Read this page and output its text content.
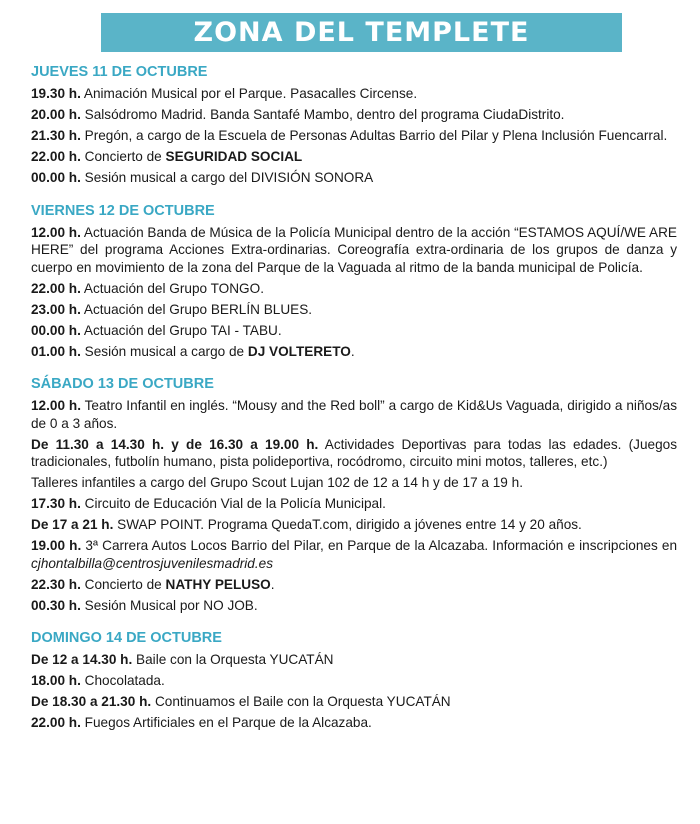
ZONA DEL TEMPLETE
JUEVES 11 DE OCTUBRE
19.30 h. Animación Musical por el Parque. Pasacalles Circense.
20.00 h. Salsódromo Madrid. Banda Santafé Mambo, dentro del programa CiudaDistrito.
21.30 h. Pregón, a cargo de la Escuela de Personas Adultas Barrio del Pilar y Plena Inclusión Fuencarral.
22.00 h. Concierto de SEGURIDAD SOCIAL
00.00 h. Sesión musical a cargo del DIVISIÓN SONORA
VIERNES 12 DE OCTUBRE
12.00 h. Actuación Banda de Música de la Policía Municipal dentro de la acción “ESTAMOS AQUÍ/WE ARE HERE” del programa Acciones Extra-ordinarias. Coreografía extra-ordinaria de los grupos de danza y cuerpo en movimiento de la zona del Parque de la Vaguada al ritmo de la banda municipal de Policía.
22.00 h. Actuación del Grupo TONGO.
23.00 h. Actuación del Grupo BERLÍN BLUES.
00.00 h. Actuación del Grupo TAI - TABU.
01.00 h. Sesión musical a cargo de DJ VOLTERETO.
SÁBADO 13 DE OCTUBRE
12.00 h. Teatro Infantil en inglés. “Mousy and the Red boll” a cargo de Kid&Us Vaguada, dirigido a niños/as de 0 a 3 años.
De 11.30 a 14.30 h. y de 16.30 a 19.00 h. Actividades Deportivas para todas las edades. (Juegos tradicionales, futbolín humano, pista polideportiva, rocódromo, circuito mini motos, talleres, etc.)
Talleres infantiles a cargo del Grupo Scout Lujan 102 de 12 a 14 h y de 17 a 19 h.
17.30 h. Circuito de Educación Vial de la Policía Municipal.
De 17 a 21 h. SWAP POINT. Programa QuedaT.com, dirigido a jóvenes entre 14 y 20 años.
19.00 h. 3ª Carrera Autos Locos Barrio del Pilar, en Parque de la Alcazaba. Información e inscripciones en cjhontalbilla@centrosjuvenilesmadrid.es
22.30 h. Concierto de NATHY PELUSO.
00.30 h. Sesión Musical por NO JOB.
DOMINGO 14 DE OCTUBRE
De 12 a 14.30 h. Baile con la Orquesta YUCATÁN
18.00 h. Chocolatada.
De 18.30 a 21.30 h. Continuamos el Baile con la Orquesta YUCATÁN
22.00 h. Fuegos Artificiales en el Parque de la Alcazaba.
